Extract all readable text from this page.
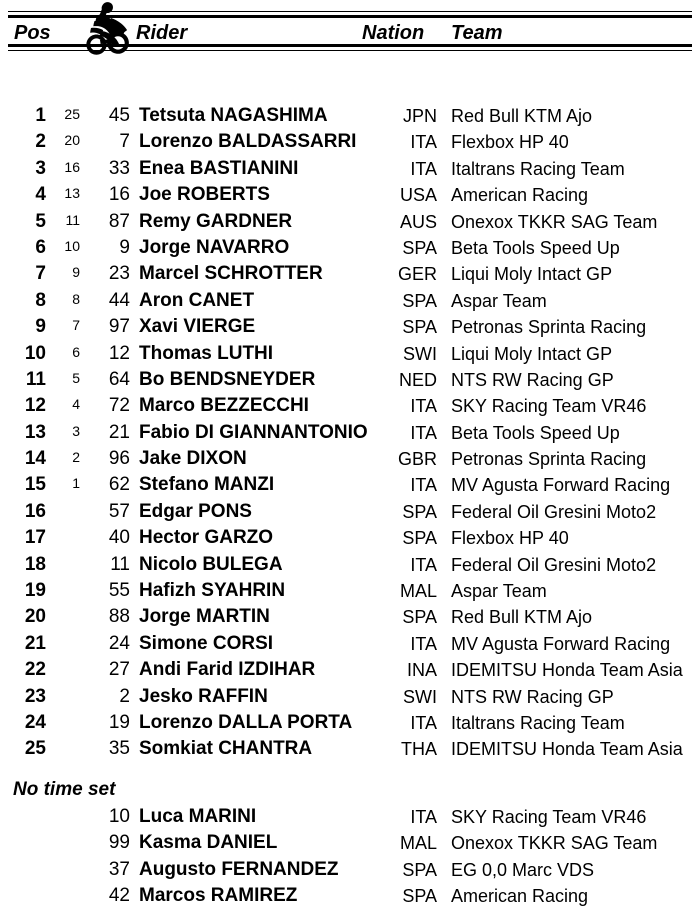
Pos	Rider	Nation Team
1 25 45 Tetsuta NAGASHIMA	JPN Red Bull KTM Ajo
2 20 7 Lorenzo BALDASSARRI	ITA Flexbox HP 40
3 16 33 Enea BASTIANINI	ITA Italtrans Racing Team
4 13 16 Joe ROBERTS	USA American Racing
5 11 87 Remy GARDNER	AUS Onexox TKKR SAG Team
6 10 9 Jorge NAVARRO	SPA Beta Tools Speed Up
7 9 23 Marcel SCHROTTER	GER Liqui Moly Intact GP
8 8 44 Aron CANET	SPA Aspar Team
9 7 97 Xavi VIERGE	SPA Petronas Sprinta Racing
10 6 12 Thomas LUTHI	SWI Liqui Moly Intact GP
11 5 64 Bo BENDSNEYDER	NED NTS RW Racing GP
12 4 72 Marco BEZZECCHI	ITA SKY Racing Team VR46
13 3 21 Fabio DI GIANNANTONIO ITA Beta Tools Speed Up
14 2 96 Jake DIXON	GBR Petronas Sprinta Racing
15 1 62 Stefano MANZI	ITA MV Agusta Forward Racing
16	57 Edgar PONS	SPA Federal Oil Gresini Moto2
17	40 Hector GARZO	SPA Flexbox HP 40
18	11 Nicolo BULEGA	ITA Federal Oil Gresini Moto2
19	55 Hafizh SYAHRIN	MAL Aspar Team
20	88 Jorge MARTIN	SPA Red Bull KTM Ajo
21	24 Simone CORSI	ITA MV Agusta Forward Racing
22	27 Andi Farid IZDIHAR	INA IDEMITSU Honda Team Asia
23	2 Jesko RAFFIN	SWI NTS RW Racing GP
24	19 Lorenzo DALLA PORTA	ITA Italtrans Racing Team
25	35 Somkiat CHANTRA	THA IDEMITSU Honda Team Asia
No time set
10 Luca MARINI	ITA SKY Racing Team VR46
99 Kasma DANIEL	MAL Onexox TKKR SAG Team
37 Augusto FERNANDEZ	SPA EG 0,0 Marc VDS
42 Marcos RAMIREZ	SPA American Racing
